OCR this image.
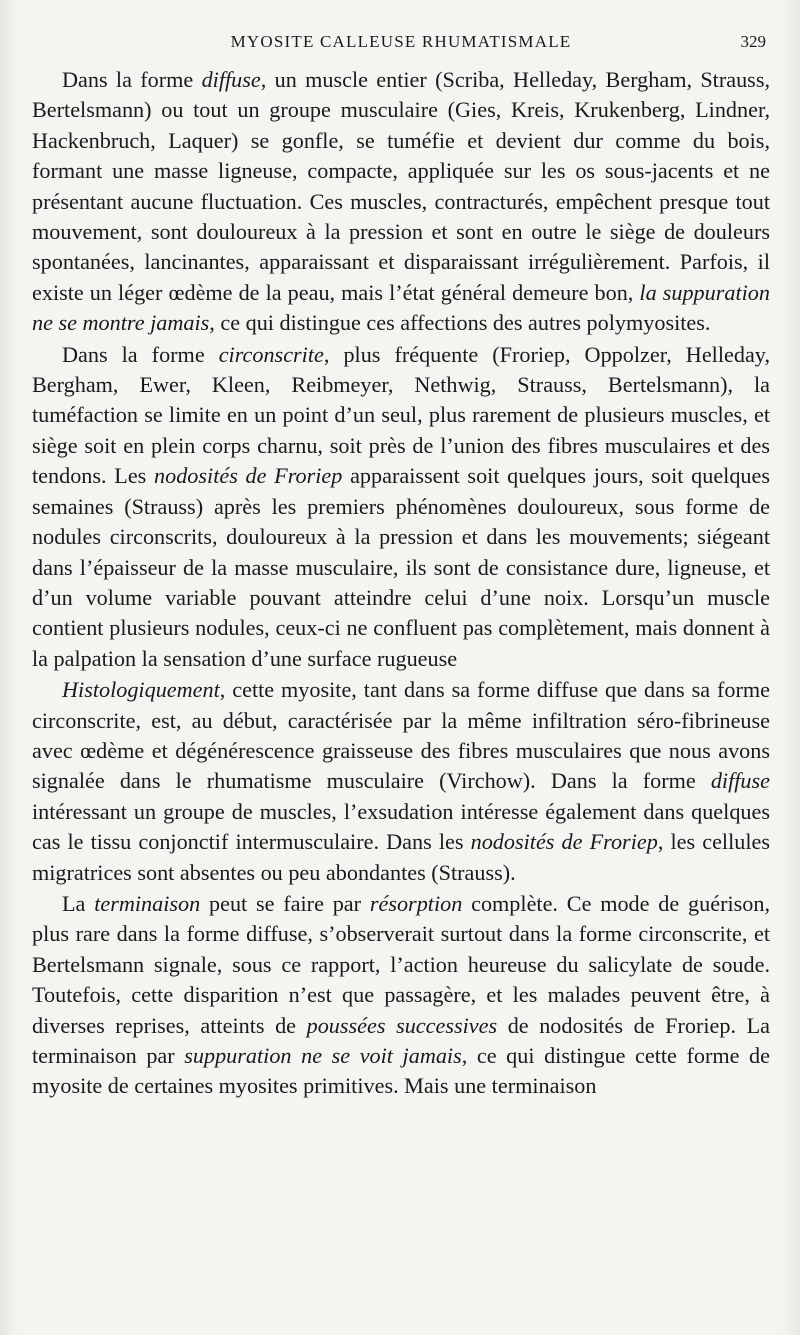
MYOSITE CALLEUSE RHUMATISMALE	329

Dans la forme diffuse, un muscle entier (Scriba, Helleday, Bergham, Strauss, Bertelsmann) ou tout un groupe musculaire (Gies, Kreis, Krukenberg, Lindner, Hackenbruch, Laquer) se gonfle, se tuméfie et devient dur comme du bois, formant une masse ligneuse, compacte, appliquée sur les os sous-jacents et ne présentant aucune fluctuation. Ces muscles, contracturés, empêchent presque tout mouvement, sont douloureux à la pression et sont en outre le siège de douleurs spontanées, lancinantes, apparaissant et disparaissant irrégulièrement. Parfois, il existe un léger œdème de la peau, mais l’état général demeure bon, la suppuration ne se montre jamais, ce qui distingue ces affections des autres polymyosites.

Dans la forme circonscrite, plus fréquente (Froriep, Oppolzer, Helleday, Bergham, Ewer, Kleen, Reibmeyer, Nethwig, Strauss, Bertelsmann), la tuméfaction se limite en un point d’un seul, plus rarement de plusieurs muscles, et siège soit en plein corps charnu, soit près de l’union des fibres musculaires et des tendons. Les nodosités de Froriep apparaissent soit quelques jours, soit quelques semaines (Strauss) après les premiers phénomènes douloureux, sous forme de nodules circonscrits, douloureux à la pression et dans les mouvements; siégeant dans l’épaisseur de la masse musculaire, ils sont de consistance dure, ligneuse, et d’un volume variable pouvant atteindre celui d’une noix. Lorsqu’un muscle contient plusieurs nodules, ceux-ci ne confluent pas complètement, mais donnent à la palpation la sensation d’une surface rugueuse

Histologiquement, cette myosite, tant dans sa forme diffuse que dans sa forme circonscrite, est, au début, caractérisée par la même infiltration séro-fibrineuse avec œdème et dégénérescence graisseuse des fibres musculaires que nous avons signalée dans le rhumatisme musculaire (Virchow). Dans la forme diffuse intéressant un groupe de muscles, l’exsudation intéresse également dans quelques cas le tissu conjonctif intermusculaire. Dans les nodosités de Froriep, les cellules migratrices sont absentes ou peu abondantes (Strauss).

La terminaison peut se faire par résorption complète. Ce mode de guérison, plus rare dans la forme diffuse, s’observerait surtout dans la forme circonscrite, et Bertelsmann signale, sous ce rapport, l’action heureuse du salicylate de soude. Toutefois, cette disparition n’est que passagère, et les malades peuvent être, à diverses reprises, atteints de poussées successives de nodosités de Froriep. La terminaison par suppuration ne se voit jamais, ce qui distingue cette forme de myosite de certaines myosites primitives. Mais une terminaison
